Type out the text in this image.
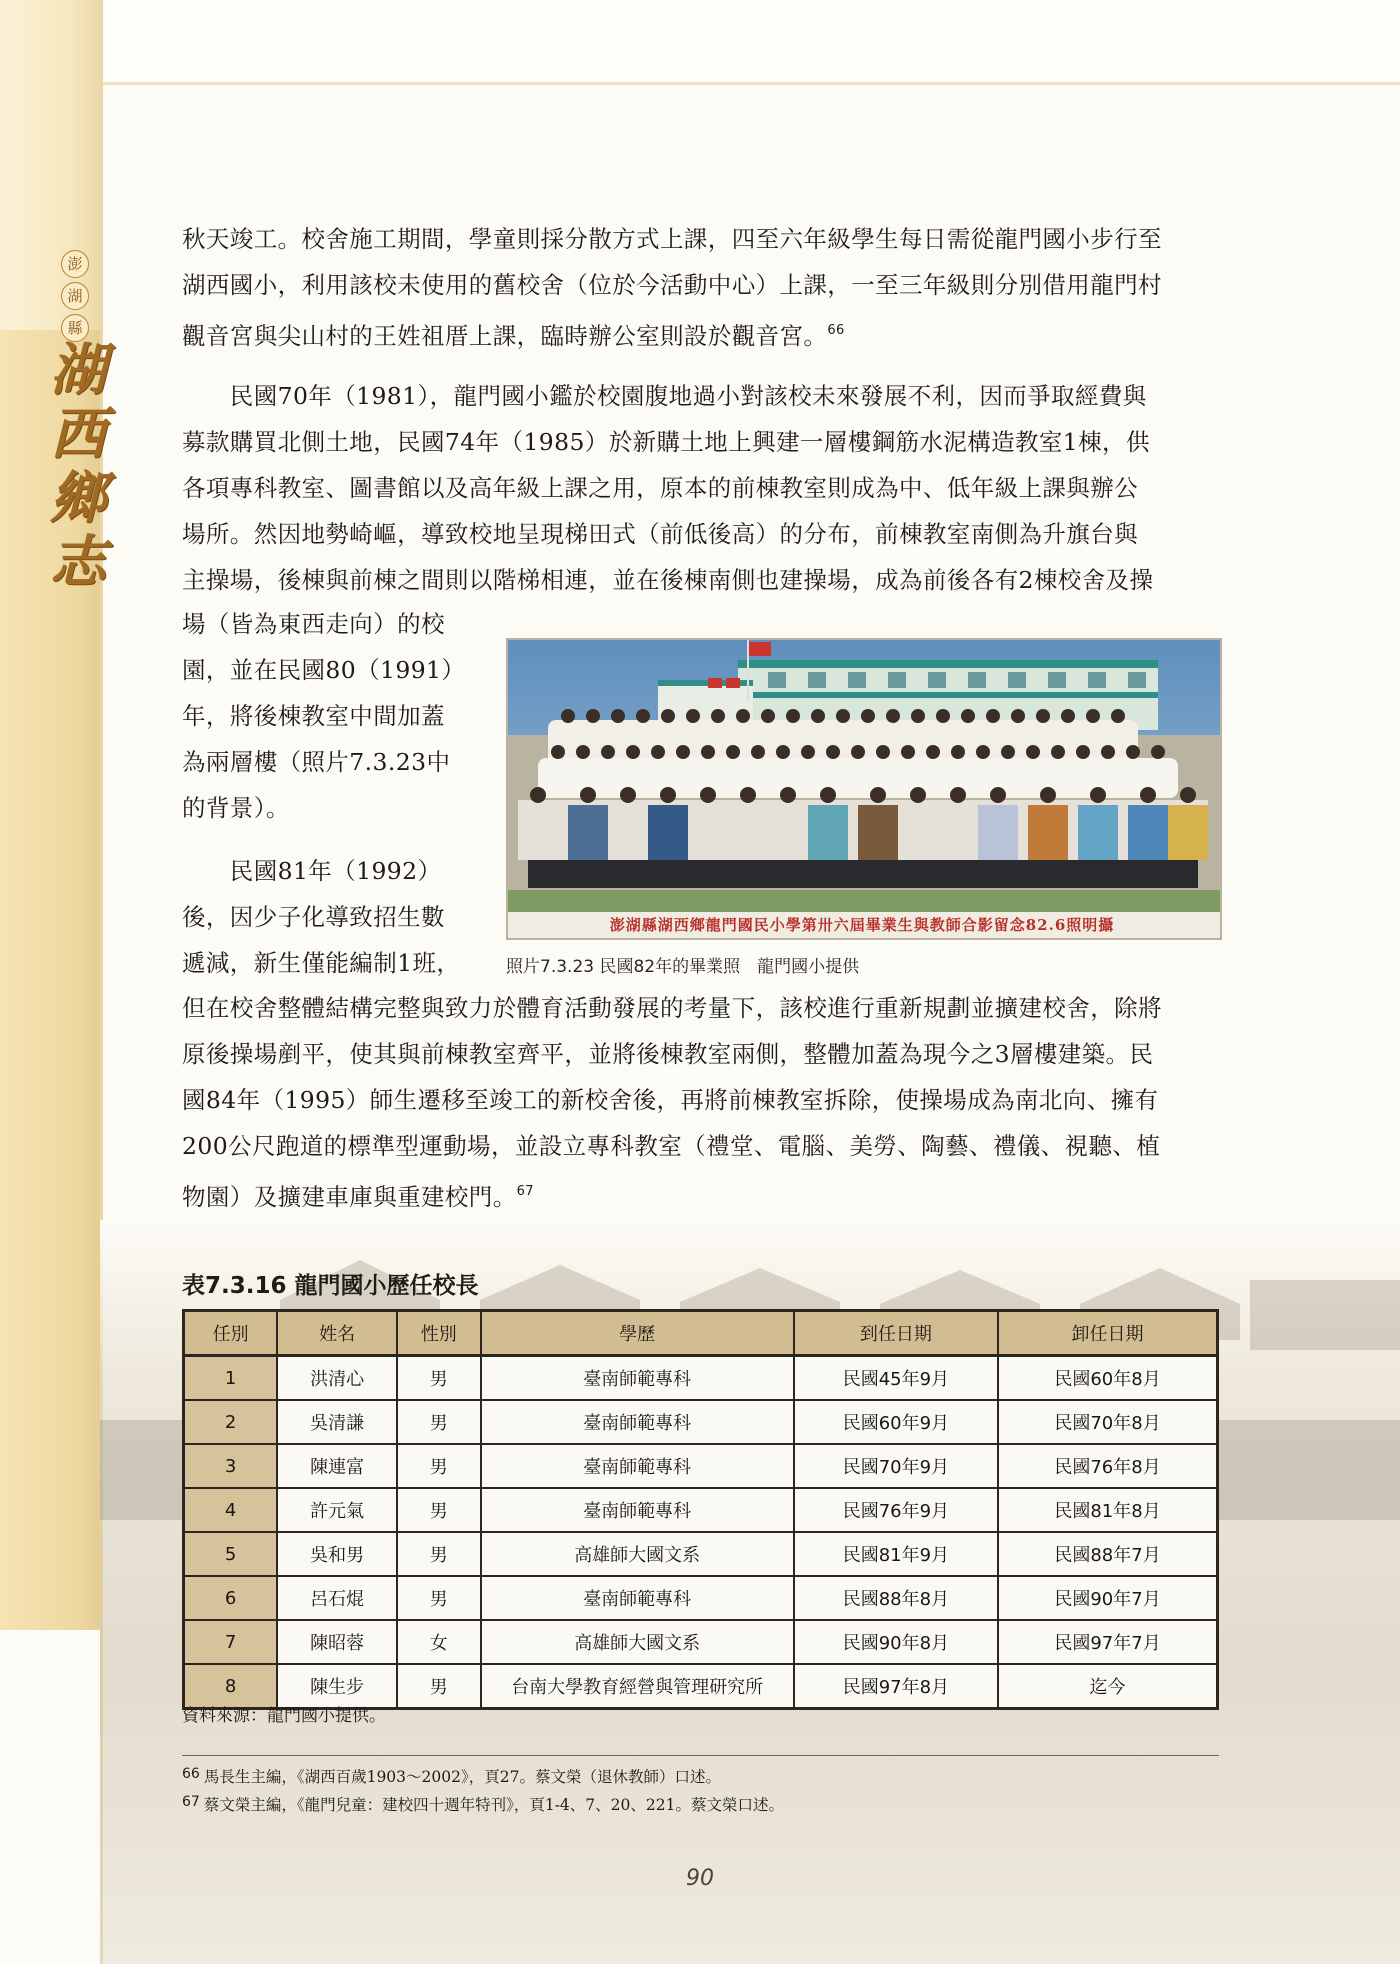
澎
湖
縣
湖
西
鄉
志
秋天竣工。校舍施工期間，學童則採分散方式上課，四至六年級學生每日需從龍門國小步行至
湖西國小，利用該校未使用的舊校舍（位於今活動中心）上課，一至三年級則分別借用龍門村
觀音宮與尖山村的王姓祖厝上課，臨時辦公室則設於觀音宮。$^{66}$
　　民國70年（1981），龍門國小鑑於校園腹地過小對該校未來發展不利，因而爭取經費與
募款購買北側土地，民國74年（1985）於新購土地上興建一層樓鋼筋水泥構造教室1棟，供
各項專科教室、圖書館以及高年級上課之用，原本的前棟教室則成為中、低年級上課與辦公
場所。然因地勢崎嶇，導致校地呈現梯田式（前低後高）的分布，前棟教室南側為升旗台與
主操場，後棟與前棟之間則以階梯相連，並在後棟南側也建操場，成為前後各有2棟校舍及操
場（皆為東西走向）的校
園，並在民國80（1991）
年，將後棟教室中間加蓋
為兩層樓（照片7.3.23中
的背景）。
　　民國81年（1992）
後，因少子化導致招生數
遞減，新生僅能編制1班，
但在校舍整體結構完整與致力於體育活動發展的考量下，該校進行重新規劃並擴建校舍，除將
原後操場剷平，使其與前棟教室齊平，並將後棟教室兩側，整體加蓋為現今之3層樓建築。民
國84年（1995）師生遷移至竣工的新校舍後，再將前棟教室拆除，使操場成為南北向、擁有
200公尺跑道的標準型運動場，並設立專科教室（禮堂、電腦、美勞、陶藝、禮儀、視聽、植
物園）及擴建車庫與重建校門。$^{67}$
澎湖縣湖西鄉龍門國民小學第卅六屆畢業生與教師合影留念82.6照明攝
照片7.3.23 民國82年的畢業照　龍門國小提供
表7.3.16 龍門國小歷任校長
任別	姓名	性別	學歷	到任日期	卸任日期
1	洪清心	男	臺南師範專科	民國45年9月	民國60年8月
2	吳清謙	男	臺南師範專科	民國60年9月	民國70年8月
3	陳連富	男	臺南師範專科	民國70年9月	民國76年8月
4	許元氣	男	臺南師範專科	民國76年9月	民國81年8月
5	吳和男	男	高雄師大國文系	民國81年9月	民國88年7月
6	呂石焜	男	臺南師範專科	民國88年8月	民國90年7月
7	陳昭蓉	女	高雄師大國文系	民國90年8月	民國97年7月
8	陳生步	男	台南大學教育經營與管理研究所	民國97年8月	迄今
資料來源：龍門國小提供。
66 馬長生主編，《湖西百歲1903～2002》，頁27。蔡文榮（退休教師）口述。
67 蔡文榮主編，《龍門兒童：建校四十週年特刊》，頁1-4、7、20、221。蔡文榮口述。
90
